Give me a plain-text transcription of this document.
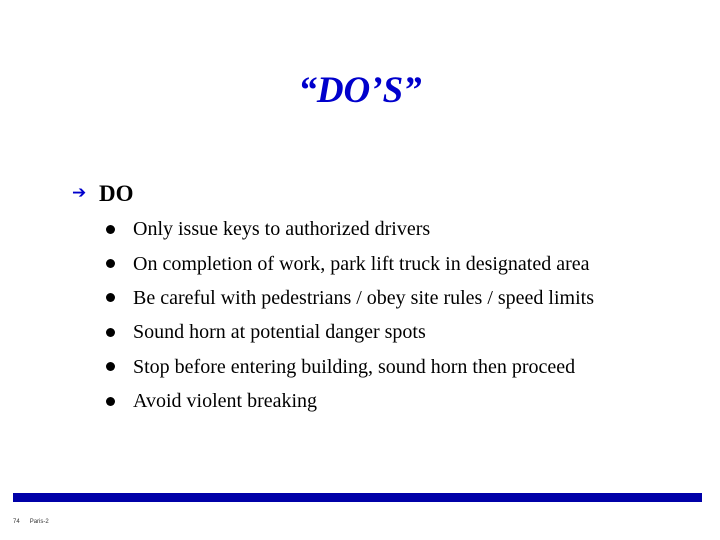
“DO’S”
➔ DO
Only issue keys to authorized drivers
On completion of work, park lift truck in designated area
Be careful with pedestrians / obey site rules / speed limits
Sound horn at potential danger spots
Stop before entering building, sound horn then proceed
Avoid violent breaking
74 Paris-2
